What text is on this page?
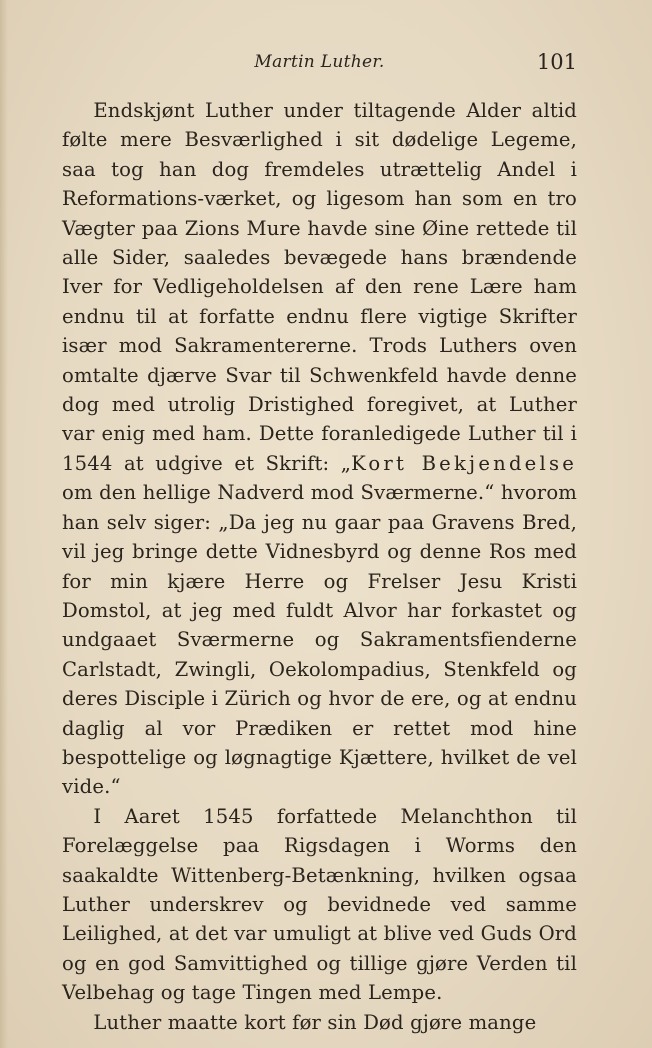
Martin Luther.	101

Endskjønt Luther under tiltagende Alder altid følte mere Besværlighed i sit dødelige Legeme, saa tog han dog fremdeles utrættelig Andel i Reformations-værket, og ligesom han som en tro Vægter paa Zions Mure havde sine Øine rettede til alle Sider, saaledes bevægede hans brændende Iver for Vedligeholdelsen af den rene Lære ham endnu til at forfatte endnu flere vigtige Skrifter især mod Sakramentererne. Trods Luthers oven omtalte djærve Svar til Schwenkfeld havde denne dog med utrolig Dristighed foregivet, at Luther var enig med ham. Dette foranledigede Luther til i 1544 at udgive et Skrift: „Kort Bekjendelse om den hellige Nadverd mod Sværmerne.“ hvorom han selv siger: „Da jeg nu gaar paa Gravens Bred, vil jeg bringe dette Vidnesbyrd og denne Ros med for min kjære Herre og Frelser Jesu Kristi Domstol, at jeg med fuldt Alvor har forkastet og undgaaet Sværmerne og Sakramentsfienderne Carlstadt, Zwingli, Oekolompadius, Stenkfeld og deres Disciple i Zürich og hvor de ere, og at endnu daglig al vor Prædiken er rettet mod hine bespottelige og løgnagtige Kjættere, hvilket de vel vide.“

I Aaret 1545 forfattede Melanchthon til Forelæggelse paa Rigsdagen i Worms den saakaldte Wittenberg-Betænkning, hvilken ogsaa Luther underskrev og bevidnede ved samme Leilighed, at det var umuligt at blive ved Guds Ord og en god Samvittighed og tillige gjøre Verden til Velbehag og tage Tingen med Lempe.

Luther maatte kort før sin Død gjøre mange
